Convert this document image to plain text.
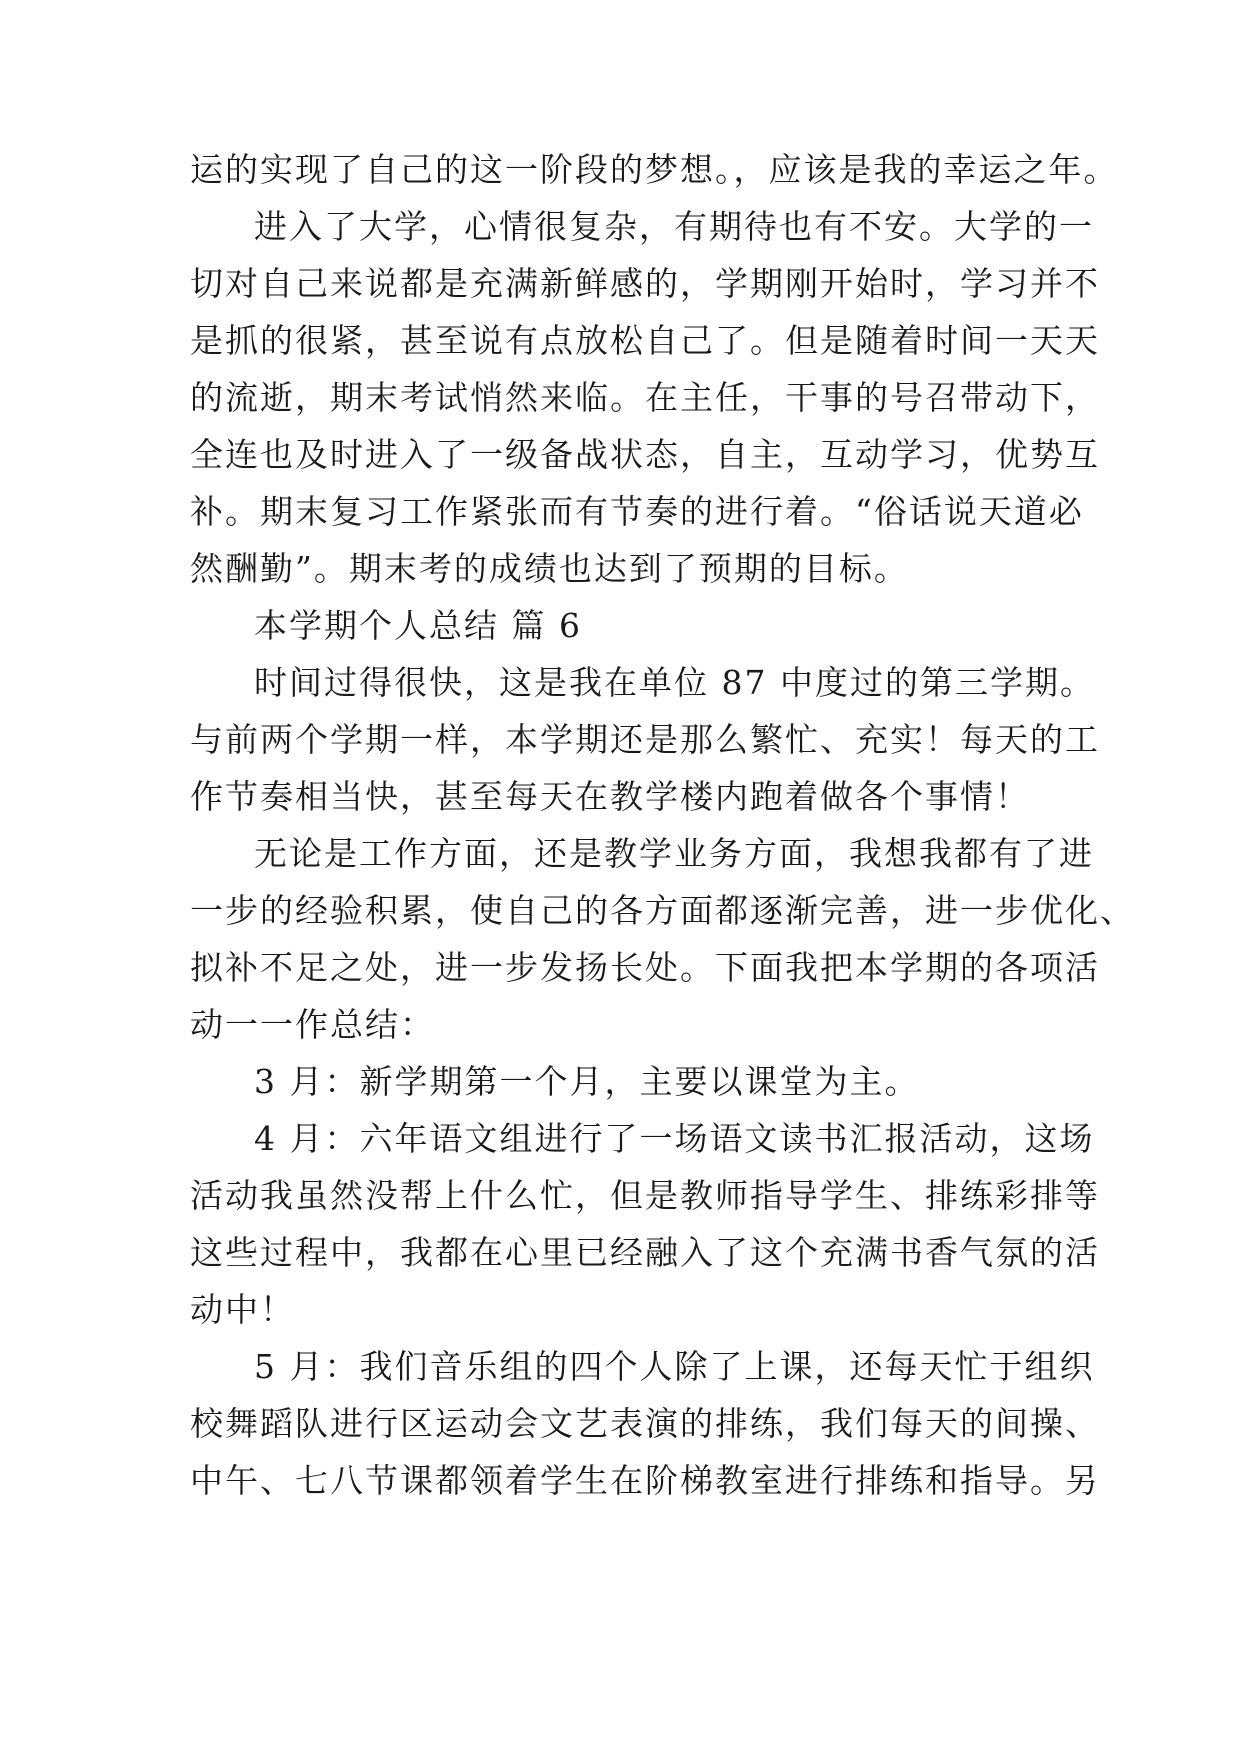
运的实现了自己的这一阶段的梦想。，应该是我的幸运之年。
进入了大学，心情很复杂，有期待也有不安。大学的一
切对自己来说都是充满新鲜感的，学期刚开始时，学习并不
是抓的很紧，甚至说有点放松自己了。但是随着时间一天天
的流逝，期末考试悄然来临。在主任，干事的号召带动下，
全连也及时进入了一级备战状态，自主，互动学习，优势互
补。期末复习工作紧张而有节奏的进行着。“俗话说天道必
然酬勤”。期末考的成绩也达到了预期的目标。
本学期个人总结 篇 6
时间过得很快，这是我在单位 87 中度过的第三学期。
与前两个学期一样，本学期还是那么繁忙、充实！每天的工
作节奏相当快，甚至每天在教学楼内跑着做各个事情！
无论是工作方面，还是教学业务方面，我想我都有了进
一步的经验积累，使自己的各方面都逐渐完善，进一步优化、
拟补不足之处，进一步发扬长处。下面我把本学期的各项活
动一一作总结：
3 月：新学期第一个月，主要以课堂为主。
4 月：六年语文组进行了一场语文读书汇报活动，这场
活动我虽然没帮上什么忙，但是教师指导学生、排练彩排等
这些过程中，我都在心里已经融入了这个充满书香气氛的活
动中！
5 月：我们音乐组的四个人除了上课，还每天忙于组织
校舞蹈队进行区运动会文艺表演的排练，我们每天的间操、
中午、七八节课都领着学生在阶梯教室进行排练和指导。另
